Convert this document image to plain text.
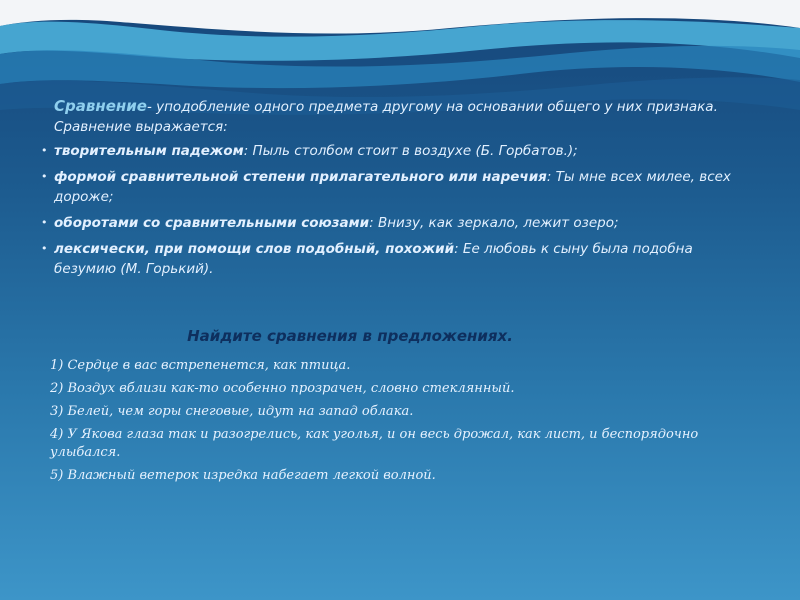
Сравнение- уподобление одного предмета другому на основании общего у них признака. Сравнение выражается:

• творительным падежом: Пыль столбом стоит в воздухе (Б. Горбатов.);
• формой сравнительной степени прилагательного или наречия: Ты мне всех милее, всех дороже;
• оборотами со сравнительными союзами: Внизу, как зеркало, лежит озеро;
• лексически, при помощи слов подобный, похожий: Ее любовь к сыну была подобна безумию (М. Горький).
Найдите сравнения в предложениях.
1) Сердце в вас встрепенется, как птица.
2) Воздух вблизи как-то особенно прозрачен, словно стеклянный.
3) Белей, чем горы снеговые, идут на запад облака.
4) У Якова глаза так и разогрелись, как уголья, и он весь дрожал, как лист, и беспорядочно улыбался.
5) Влажный ветерок изредка набегает легкой волной.
